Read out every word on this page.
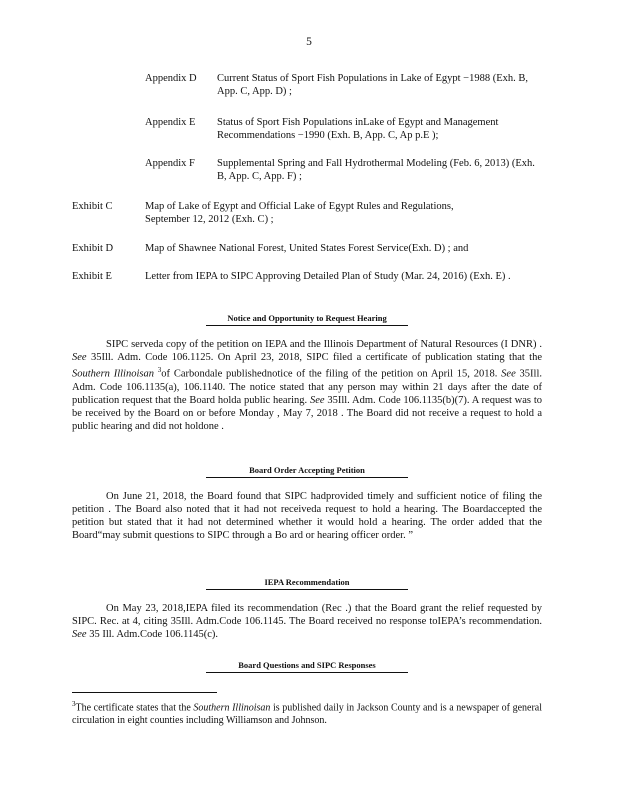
5
Appendix D Current Status of Sport Fish Populations in Lake of Egypt −1988 (Exh. B, App. C, App. D) ;
Appendix E Status of Sport Fish Populations inLake of Egypt and Management Recommendations −1990 (Exh. B, App. C, Ap p.E );
Appendix F Supplemental Spring and Fall Hydrothermal Modeling (Feb. 6, 2013) (Exh. B, App. C, App. F) ;
Exhibit C	Map of Lake of Egypt and Official Lake of Egypt Rules and Regulations, September 12, 2012 (Exh. C) ;
Exhibit D	Map of Shawnee National Forest, United States Forest Service(Exh. D) ; and
Exhibit E	Letter from IEPA to SIPC Approving Detailed Plan of Study (Mar. 24, 2016) (Exh. E) .
Notice and Opportunity to Request Hearing
SIPC serveda copy of the petition on IEPA and the Illinois Department of Natural Resources (I DNR) . See 35Ill. Adm. Code 106.1125. On April 23, 2018, SIPC filed a certificate of publication stating that the Southern Illinoisan $^3$of Carbondale publishednotice of the filing of the petition on April 15, 2018. See 35Ill. Adm. Code 106.1135(a), 106.1140. The notice stated that any person may within 21 days after the date of publication request that the Board holda public hearing. See 35Ill. Adm. Code 106.1135(b)(7). A request was to be received by the Board on or before Monday , May 7, 2018 . The Board did not receive a request to hold a public hearing and did not holdone .
Board Order Accepting Petition
On June 21, 2018, the Board found that SIPC hadprovided timely and sufficient notice of filing the petition . The Board also noted that it had not receiveda request to hold a hearing. The Boardaccepted the petition but stated that it had not determined whether it would hold a hearing. The order added that the Board“may submit questions to SIPC through a Bo ard or hearing officer order. ”
IEPA Recommendation
On May 23, 2018,IEPA filed its recommendation (Rec .) that the Board grant the relief requested by SIPC. Rec. at 4, citing 35Ill. Adm.Code 106.1145. The Board received no response toIEPA’s recommendation. See 35 Ill. Adm.Code 106.1145(c).
Board Questions and SIPC Responses
$^3$The certificate states that the Southern Illinoisan is published daily in Jackson County and is a newspaper of general circulation in eight counties including Williamson and Johnson.
